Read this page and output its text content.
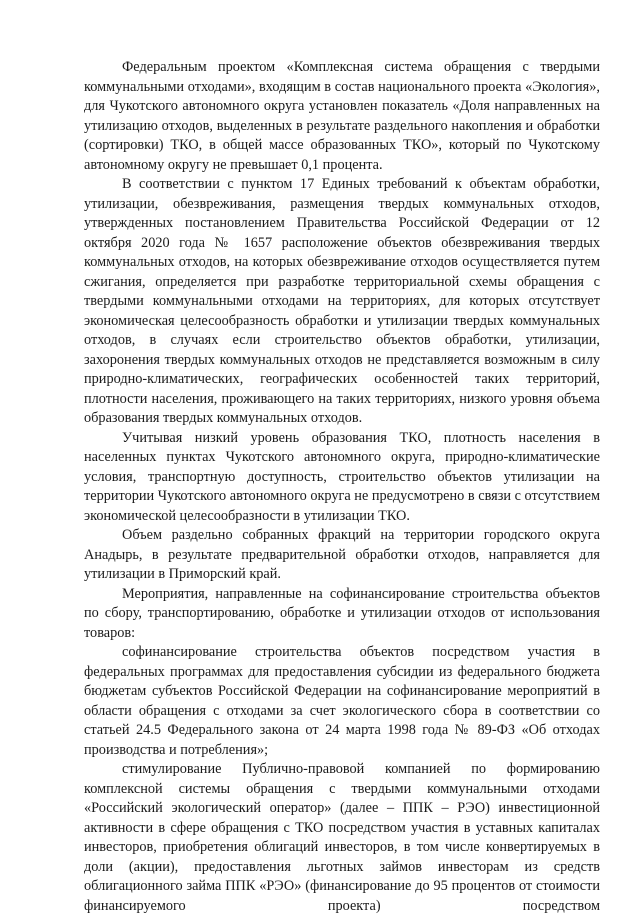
Федеральным проектом «Комплексная система обращения с твердыми коммунальными отходами», входящим в состав национального проекта «Экология», для Чукотского автономного округа установлен показатель «Доля направленных на утилизацию отходов, выделенных в результате раздельного накопления и обработки (сортировки) ТКО, в общей массе образованных ТКО», который по Чукотскому автономному округу не превышает 0,1 процента.

В соответствии с пунктом 17 Единых требований к объектам обработки, утилизации, обезвреживания, размещения твердых коммунальных отходов, утвержденных постановлением Правительства Российской Федерации от 12 октября 2020 года № 1657 расположение объектов обезвреживания твердых коммунальных отходов, на которых обезвреживание отходов осуществляется путем сжигания, определяется при разработке территориальной схемы обращения с твердыми коммунальными отходами на территориях, для которых отсутствует экономическая целесообразность обработки и утилизации твердых коммунальных отходов, в случаях если строительство объектов обработки, утилизации, захоронения твердых коммунальных отходов не представляется возможным в силу природно-климатических, географических особенностей таких территорий, плотности населения, проживающего на таких территориях, низкого уровня объема образования твердых коммунальных отходов.

Учитывая низкий уровень образования ТКО, плотность населения в населенных пунктах Чукотского автономного округа, природно-климатические условия, транспортную доступность, строительство объектов утилизации на территории Чукотского автономного округа не предусмотрено в связи с отсутствием экономической целесообразности в утилизации ТКО.

Объем раздельно собранных фракций на территории городского округа Анадырь, в результате предварительной обработки отходов, направляется для утилизации в Приморский край.

Мероприятия, направленные на софинансирование строительства объектов по сбору, транспортированию, обработке и утилизации отходов от использования товаров:

софинансирование строительства объектов посредством участия в федеральных программах для предоставления субсидии из федерального бюджета бюджетам субъектов Российской Федерации на софинансирование мероприятий в области обращения с отходами за счет экологического сбора в соответствии со статьей 24.5 Федерального закона от 24 марта 1998 года № 89-ФЗ «Об отходах производства и потребления»;

стимулирование Публично-правовой компанией по формированию комплексной системы обращения с твердыми коммунальными отходами «Российский экологический оператор» (далее – ППК – РЭО) инвестиционной активности в сфере обращения с ТКО посредством участия в уставных капиталах инвесторов, приобретения облигаций инвесторов, в том числе конвертируемых в доли (акции), предоставления льготных займов инвесторам из средств облигационного займа ППК «РЭО» (финансирование до 95 процентов от стоимости финансируемого проекта) посредством
